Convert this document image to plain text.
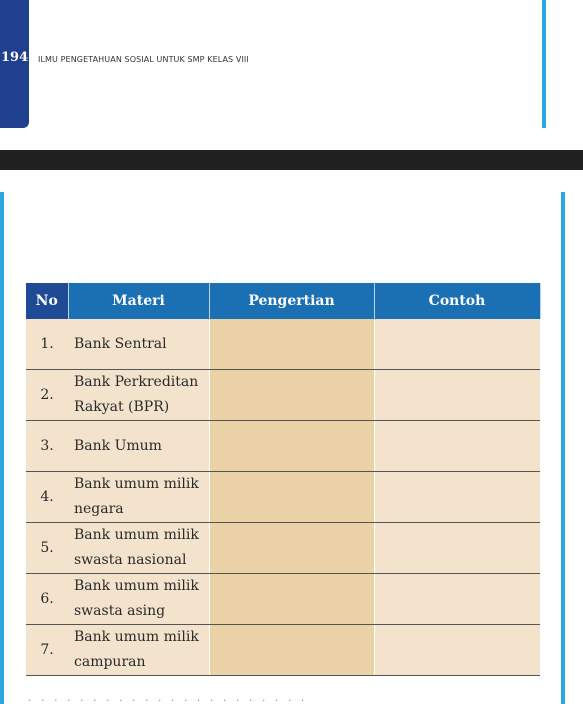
194 ILMU PENGETAHUAN SOSIAL UNTUK SMP KELAS VIII
No	Materi	Pengertian	Contoh
1.	Bank Sentral		
2.	Bank Perkreditan Rakyat (BPR)		
3.	Bank Umum		
4.	Bank umum milik negara		
5.	Bank umum milik swasta nasional		
6.	Bank umum milik swasta asing		
7.	Bank umum milik campuran		
· · · · · · · · · · · · · · · · · · · · · ·
